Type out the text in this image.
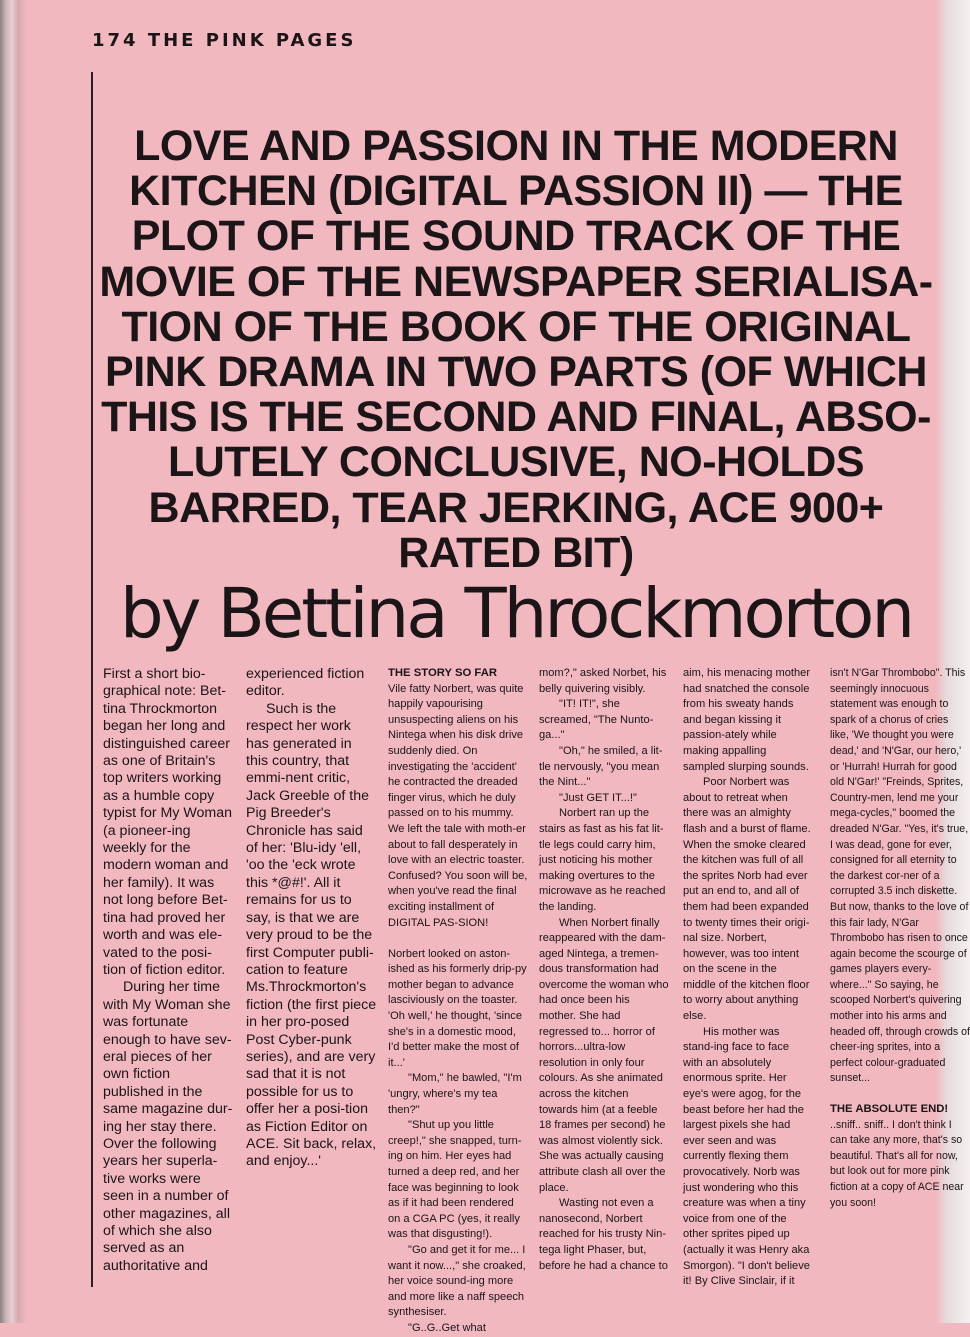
174 THE PINK PAGES
LOVE AND PASSION IN THE MODERN KITCHEN (DIGITAL PASSION II) — THE PLOT OF THE SOUND TRACK OF THE MOVIE OF THE NEWSPAPER SERIALISA-TION OF THE BOOK OF THE ORIGINAL PINK DRAMA IN TWO PARTS (OF WHICH THIS IS THE SECOND AND FINAL, ABSO-LUTELY CONCLUSIVE, NO-HOLDS BARRED, TEAR JERKING, ACE 900+ RATED BIT)
by Bettina Throckmorton

First a short bio-graphical note: Bet-tina Throckmorton began her long and distinguished career as one of Britain's top writers working as a humble copy typist for My Woman (a pioneer-ing weekly for the modern woman and her family). It was not long before Bet-tina had proved her worth and was ele-vated to the posi-tion of fiction editor.

During her time with My Woman she was fortunate enough to have sev-eral pieces of her own fiction published in the same magazine dur-ing her stay there. Over the following years her superla-tive works were seen in a number of other magazines, all of which she also served as an authoritative and

experienced fiction editor.

Such is the respect her work has generated in this country, that emmi-nent critic, Jack Greeble of the Pig Breeder's Chronicle has said of her: 'Blu-idy 'ell, 'oo the 'eck wrote this *@#!'. All it remains for us to say, is that we are very proud to be the first Computer publi-cation to feature Ms.Throckmorton's fiction (the first piece in her pro-posed Post Cyber-punk series), and are very sad that it is not possible for us to offer her a posi-tion as Fiction Editor on ACE. Sit back, relax, and enjoy...'

THE STORY SO FAR

Vile fatty Norbert, was quite happily vapourising unsuspecting aliens on his Nintega when his disk drive suddenly died. On investigating the 'accident' he contracted the dreaded finger virus, which he duly passed on to his mummy. We left the tale with moth-er about to fall desperately in love with an electric toaster. Confused? You soon will be, when you've read the final exciting installment of DIGITAL PAS-SION!

Norbert looked on aston-ished as his formerly drip-py mother began to advance lasciviously on the toaster. 'Oh well,' he thought, 'since she's in a domestic mood, I'd better make the most of it...'

"Mom," he bawled, "I'm 'ungry, where's my tea then?"

"Shut up you little creep!," she snapped, turn-ing on him. Her eyes had turned a deep red, and her face was beginning to look as if it had been rendered on a CGA PC (yes, it really was that disgusting!).

"Go and get it for me... I want it now...," she croaked, her voice sound-ing more and more like a naff speech synthesiser.

"G..G..Get what

mom?," asked Norbet, his belly quivering visibly.

"IT! IT!", she screamed, "The Nunto-ga..."

"Oh," he smiled, a lit-tle nervously, "you mean the Nint..."

"Just GET IT...!"

Norbert ran up the stairs as fast as his fat lit-tle legs could carry him, just noticing his mother making overtures to the microwave as he reached the landing.

When Norbert finally reappeared with the dam-aged Nintega, a tremen-dous transformation had overcome the woman who had once been his mother. She had regressed to... horror of horrors...ultra-low resolution in only four colours. As she animated across the kitchen towards him (at a feeble 18 frames per second) he was almost violently sick. She was actually causing attribute clash all over the place.

Wasting not even a nanosecond, Norbert reached for his trusty Nin-tega light Phaser, but, before he had a chance to

aim, his menacing mother had snatched the console from his sweaty hands and began kissing it passion-ately while making appalling sampled slurping sounds.

Poor Norbert was about to retreat when there was an almighty flash and a burst of flame. When the smoke cleared the kitchen was full of all the sprites Norb had ever put an end to, and all of them had been expanded to twenty times their origi-nal size. Norbert, however, was too intent on the scene in the middle of the kitchen floor to worry about anything else.

His mother was stand-ing face to face with an absolutely enormous sprite. Her eye's were agog, for the beast before her had the largest pixels she had ever seen and was currently flexing them provocatively. Norb was just wondering who this creature was when a tiny voice from one of the other sprites piped up (actually it was Henry aka Smorgon). "I don't believe it! By Clive Sinclair, if it

isn't N'Gar Thrombobo". This seemingly innocuous statement was enough to spark of a chorus of cries like, 'We thought you were dead,' and 'N'Gar, our hero,' or 'Hurrah! Hurrah for good old N'Gar!' "Freinds, Sprites, Country-men, lend me your mega-cycles," boomed the dreaded N'Gar. "Yes, it's true, I was dead, gone for ever, consigned for all eternity to the darkest cor-ner of a corrupted 3.5 inch diskette. But now, thanks to the love of this fair lady, N'Gar Thrombobo has risen to once again become the scourge of games players every-where..." So saying, he scooped Norbert's quivering mother into his arms and headed off, through crowds of cheer-ing sprites, into a perfect colour-graduated sunset...

THE ABSOLUTE END!

..sniff.. sniff.. I don't think I can take any more, that's so beautiful. That's all for now, but look out for more pink fiction at a copy of ACE near you soon!
